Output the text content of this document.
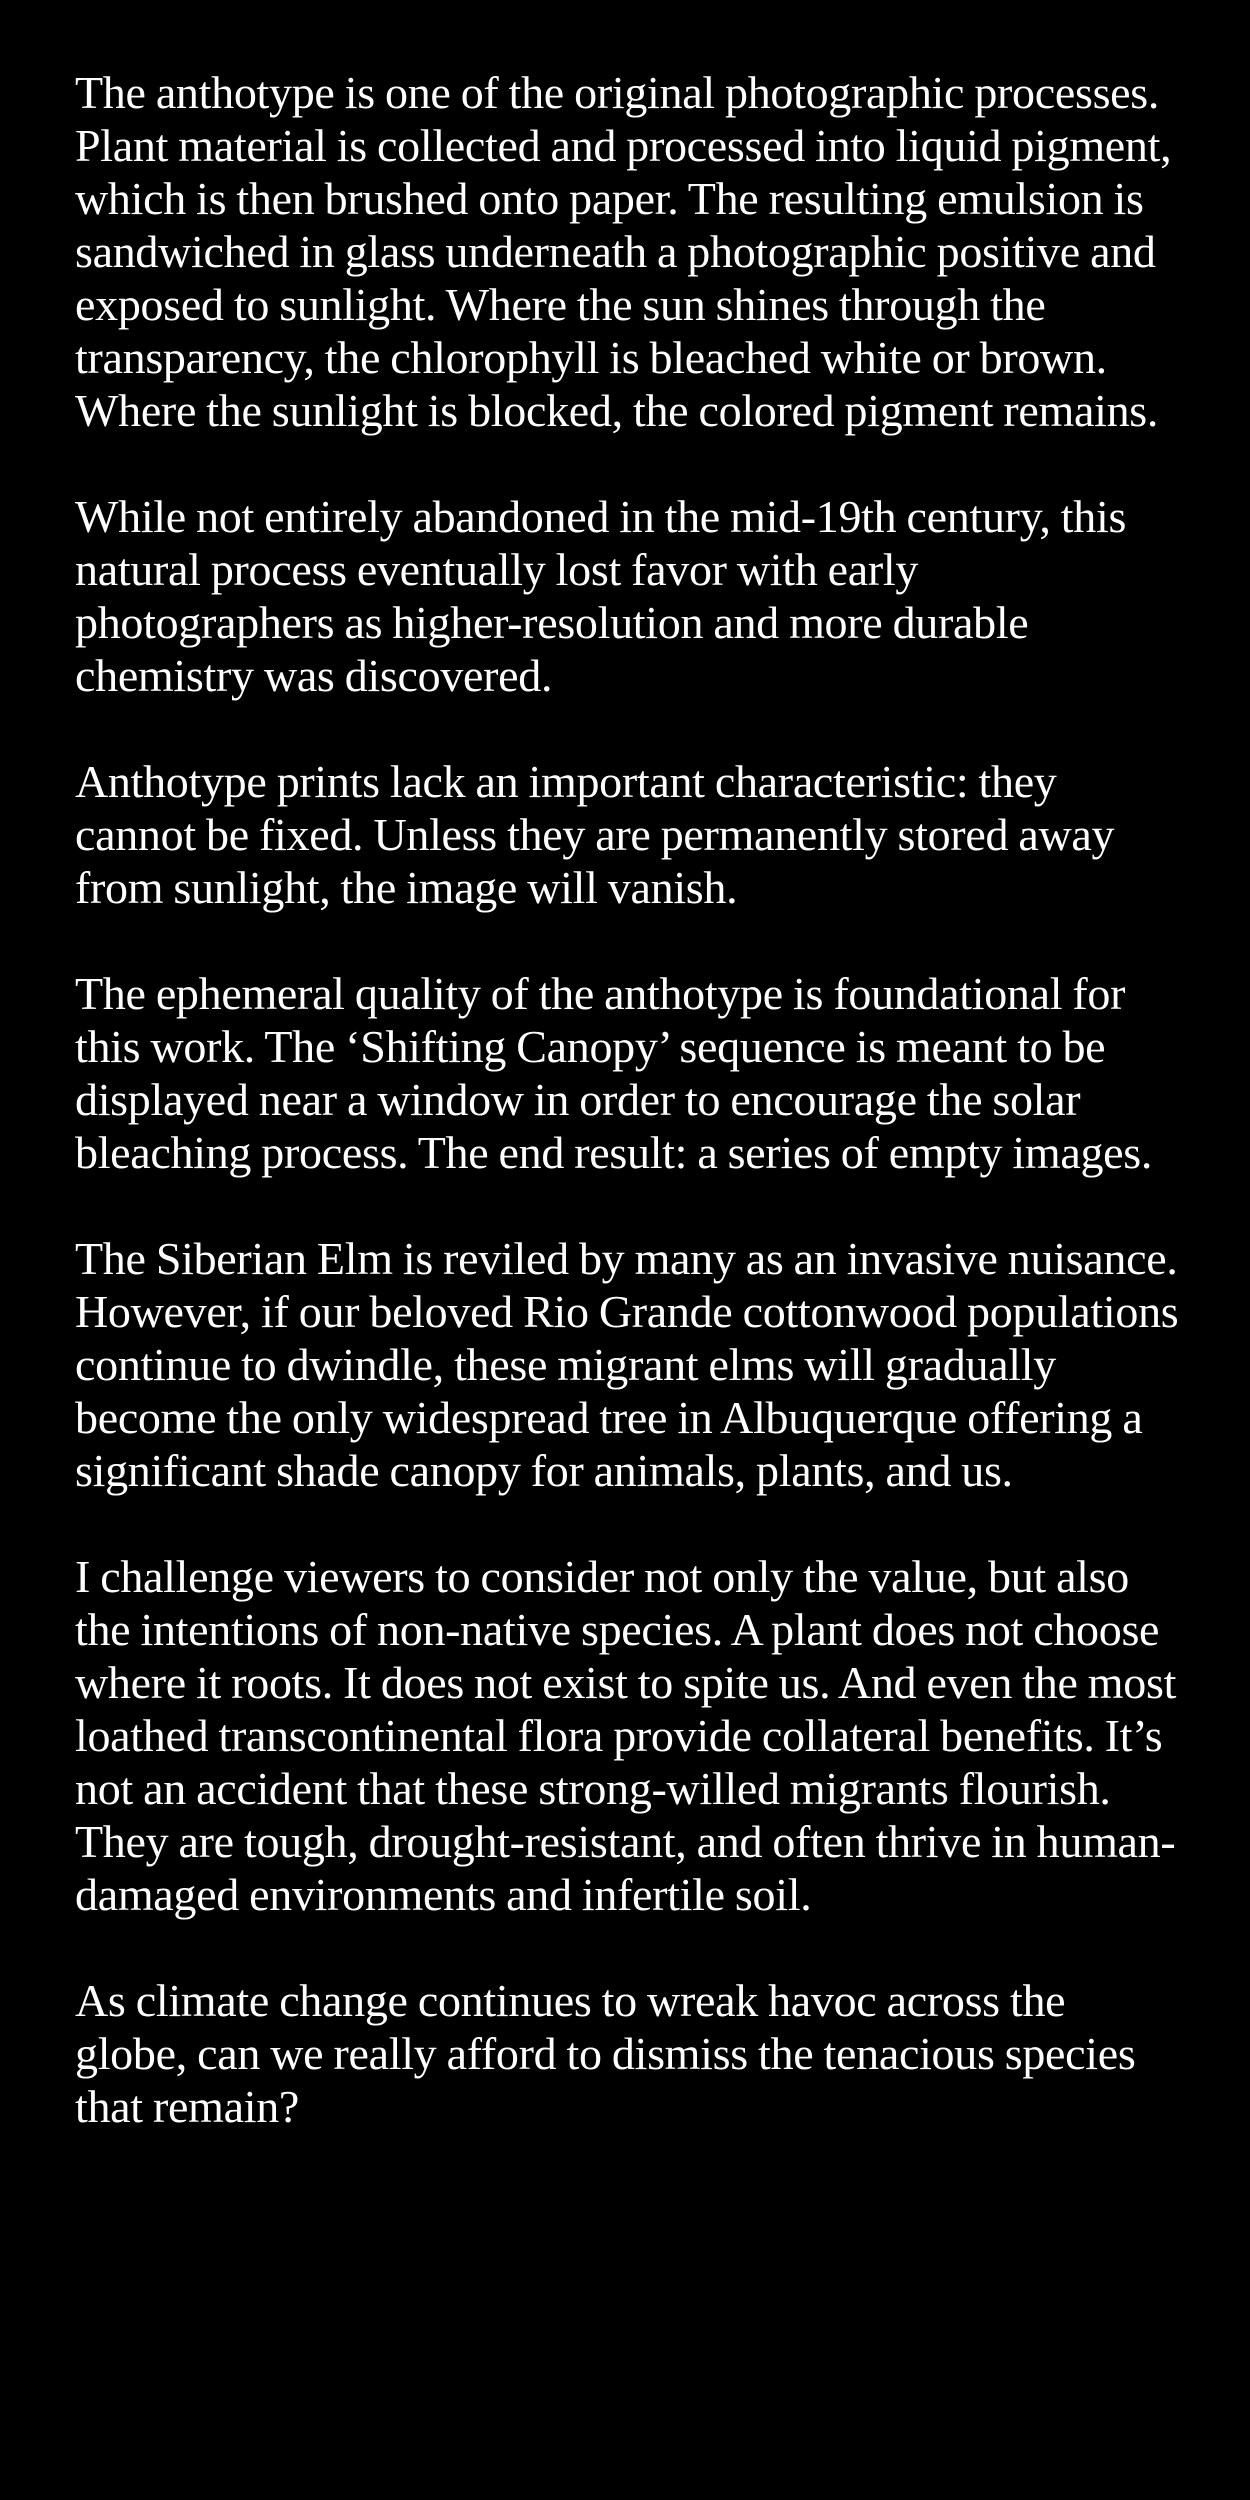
The anthotype is one of the original photographic processes. Plant material is collected and processed into liquid pigment, which is then brushed onto paper. The resulting emulsion is sandwiched in glass underneath a photographic positive and exposed to sunlight. Where the sun shines through the transparency, the chlorophyll is bleached white or brown. Where the sunlight is blocked, the colored pigment remains.

While not entirely abandoned in the mid-19th century, this natural process eventually lost favor with early photographers as higher-resolution and more durable chemistry was discovered.

Anthotype prints lack an important characteristic: they cannot be fixed. Unless they are permanently stored away from sunlight, the image will vanish.

The ephemeral quality of the anthotype is foundational for this work. The ‘Shifting Canopy’ sequence is meant to be displayed near a window in order to encourage the solar bleaching process. The end result: a series of empty images.

The Siberian Elm is reviled by many as an invasive nuisance. However, if our beloved Rio Grande cottonwood populations continue to dwindle, these migrant elms will gradually become the only widespread tree in Albuquerque offering a significant shade canopy for animals, plants, and us.

I challenge viewers to consider not only the value, but also the intentions of non-native species. A plant does not choose where it roots. It does not exist to spite us. And even the most loathed transcontinental flora provide collateral benefits. It’s not an accident that these strong-willed migrants flourish. They are tough, drought-resistant, and often thrive in human-damaged environments and infertile soil.

As climate change continues to wreak havoc across the globe, can we really afford to dismiss the tenacious species that remain?
